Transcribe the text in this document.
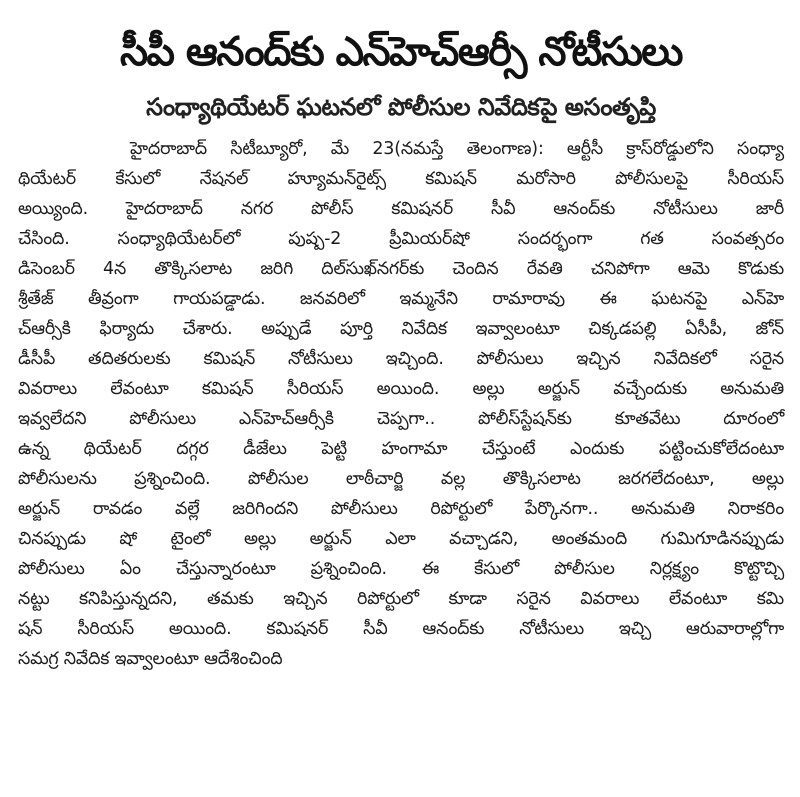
సీపీ ఆనంద్‌కు ఎన్‌హెచ్‌ఆర్సీ నోటీసులు
సంధ్యాథియేటర్ ఘటనలో పోలీసుల నివేదికపై అసంతృప్తి
హైదరాబాద్ సిటీబ్యూరో, మే 23(నమస్తే తెలంగాణ): ఆర్టీసీ క్రాస్‌రోడ్డులోని సంధ్యా
థియేటర్ కేసులో నేషనల్ హ్యూమన్‌రైట్స్ కమిషన్ మరోసారి పోలీసులపై సీరియస్
అయ్యింది. హైదరాబాద్ నగర పోలీస్ కమిషనర్ సీవీ ఆనంద్‌కు నోటీసులు జారీ
చేసింది. సంధ్యాథియేటర్‌లో పుష్ప-2 ప్రీమియర్‌షో సందర్భంగా గత సంవత్సరం
డిసెంబర్ 4న తొక్కిసలాట జరిగి దిల్‌సుఖ్‌నగర్‌కు చెందిన రేవతి చనిపోగా ఆమె కొడుకు
శ్రీతేజ్ తీవ్రంగా గాయపడ్డాడు. జనవరిలో ఇమ్మనేని రామారావు ఈ ఘటనపై ఎన్‌హె
చ్‌ఆర్సీకి ఫిర్యాదు చేశారు. అప్పుడే పూర్తి నివేదిక ఇవ్వాలంటూ చిక్కడపల్లి ఏసీపీ, జోన్
డీసీపీ తదితరులకు కమిషన్ నోటీసులు ఇచ్చింది. పోలీసులు ఇచ్చిన నివేదికలో సరైన
వివరాలు లేవంటూ కమిషన్ సీరియస్ అయింది. అల్లు అర్జున్ వచ్చేందుకు అనుమతి
ఇవ్వలేదని పోలీసులు ఎన్‌హెచ్‌ఆర్సీకి చెప్పగా.. పోలీస్‌స్టేషన్‌కు కూతవేటు దూరంలో
ఉన్న థియేటర్ దగ్గర డీజేలు పెట్టి హంగామా చేస్తుంటే ఎందుకు పట్టించుకోలేదంటూ
పోలీసులను ప్రశ్నించింది. పోలీసుల లాఠీచార్జి వల్ల తొక్కిసలాట జరగలేదంటూ, అల్లు
అర్జున్ రావడం వల్లే జరిగిందని పోలీసులు రిపోర్టులో పేర్కొనగా.. అనుమతి నిరాకరిం
చినప్పుడు షో టైంలో అల్లు అర్జున్ ఎలా వచ్చాడని, అంతమంది గుమిగూడినప్పుడు
పోలీసులు ఏం చేస్తున్నారంటూ ప్రశ్నించింది. ఈ కేసులో పోలీసుల నిర్లక్ష్యం కొట్టొచ్చి
నట్టు కనిపిస్తున్నదని, తమకు ఇచ్చిన రిపోర్టులో కూడా సరైన వివరాలు లేవంటూ కమి
షన్ సీరియస్ అయింది. కమిషనర్ సీవీ ఆనంద్‌కు నోటీసులు ఇచ్చి ఆరువారాల్లోగా
సమగ్ర నివేదిక ఇవ్వాలంటూ ఆదేశించింది
